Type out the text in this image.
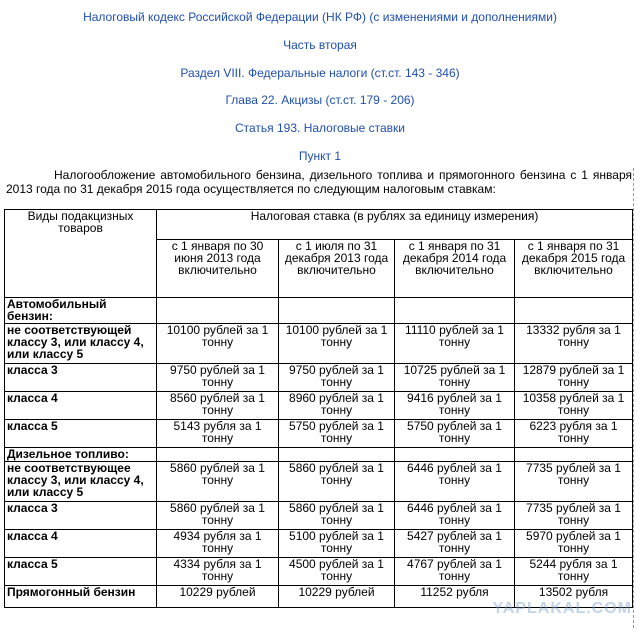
Налоговый кодекс Российской Федерации (НК РФ) (с изменениями и дополнениями)

Часть вторая

Раздел VIII. Федеральные налоги (ст.ст. 143 - 346)

Глава 22. Акцизы (ст.ст. 179 - 206)

Статья 193. Налоговые ставки

Пункт 1

Налогообложение автомобильного бензина, дизельного топлива и прямогонного бензина с 1 января 2013 года по 31 декабря 2015 года осуществляется по следующим налоговым ставкам:

Виды подакцизных товаров	Налоговая ставка (в рублях за единицу измерения)			
	с 1 января по 30 июня 2013 года включительно	с 1 июля по 31 декабря 2013 года включительно	с 1 января по 31 декабря 2014 года включительно	с 1 января по 31 декабря 2015 года включительно
Автомобильный бензин:				
не соответствующей классу 3, или классу 4, или классу 5	10100 рублей за 1 тонну	10100 рублей за 1 тонну	11110 рублей за 1 тонну	13332 рубля за 1 тонну
класса 3	9750 рублей за 1 тонну	9750 рублей за 1 тонну	10725 рублей за 1 тонну	12879 рублей за 1 тонну
класса 4	8560 рублей за 1 тонну	8960 рублей за 1 тонну	9416 рублей за 1 тонну	10358 рублей за 1 тонну
класса 5	5143 рубля за 1 тонну	5750 рублей за 1 тонну	5750 рублей за 1 тонну	6223 рубля за 1 тонну
Дизельное топливо:				
не соответствующее классу 3, или классу 4, или классу 5	5860 рублей за 1 тонну	5860 рублей за 1 тонну	6446 рублей за 1 тонну	7735 рублей за 1 тонну
класса 3	5860 рублей за 1 тонну	5860 рублей за 1 тонну	6446 рублей за 1 тонну	7735 рублей за 1 тонну
класса 4	4934 рубля за 1 тонну	5100 рублей за 1 тонну	5427 рублей за 1 тонну	5970 рублей за 1 тонну
класса 5	4334 рубля за 1 тонну	4500 рублей за 1 тонну	4767 рублей за 1 тонну	5244 рубля за 1 тонну
Прямогонный бензин	10229 рублей	10229 рублей	11252 рубля	13502 рубля
YAPLAKAL.COM
